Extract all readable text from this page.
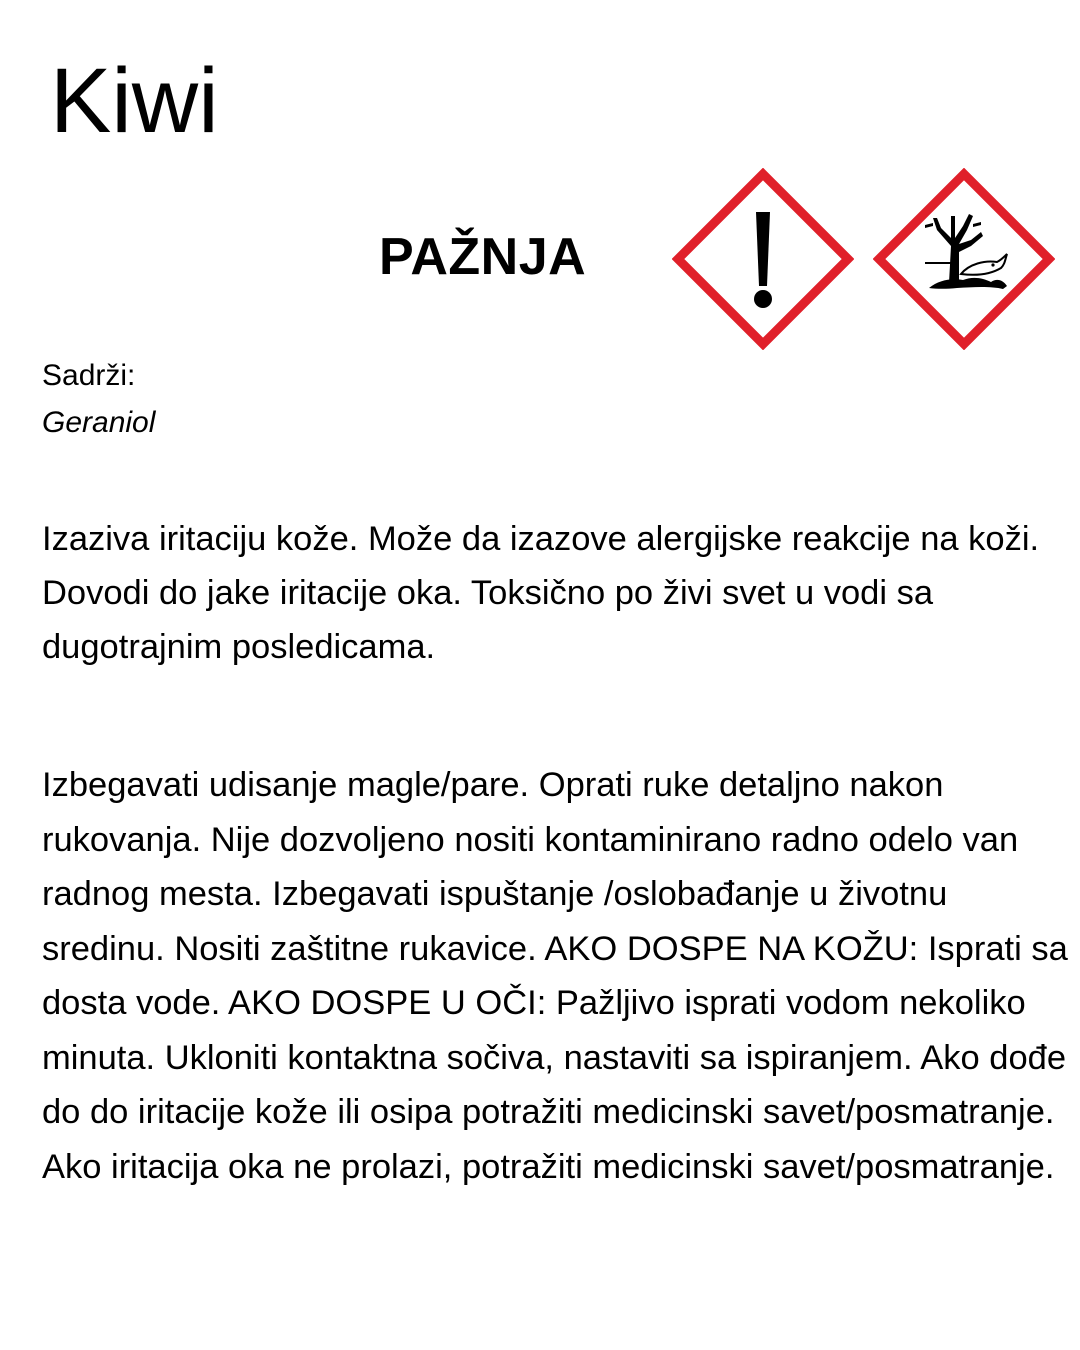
Kiwi
PAŽNJA
Sadrži:
Geraniol

Izaziva iritaciju kože. Može da izazove alergijske reakcije na koži. Dovodi do jake iritacije oka. Toksično po živi svet u vodi sa dugotrajnim posledicama.

Izbegavati udisanje magle/pare. Oprati ruke detaljno nakon rukovanja. Nije dozvoljeno nositi kontaminirano radno odelo van radnog mesta. Izbegavati ispuštanje /oslobađanje u životnu sredinu. Nositi zaštitne rukavice. AKO DOSPE NA KOŽU: Isprati sa dosta vode. AKO DOSPE U OČI: Pažljivo isprati vodom nekoliko minuta. Ukloniti kontaktna sočiva, nastaviti sa ispiranjem. Ako dođe do do iritacije kože ili osipa potražiti medicinski savet/posmatranje. Ako iritacija oka ne prolazi, potražiti medicinski savet/posmatranje.
